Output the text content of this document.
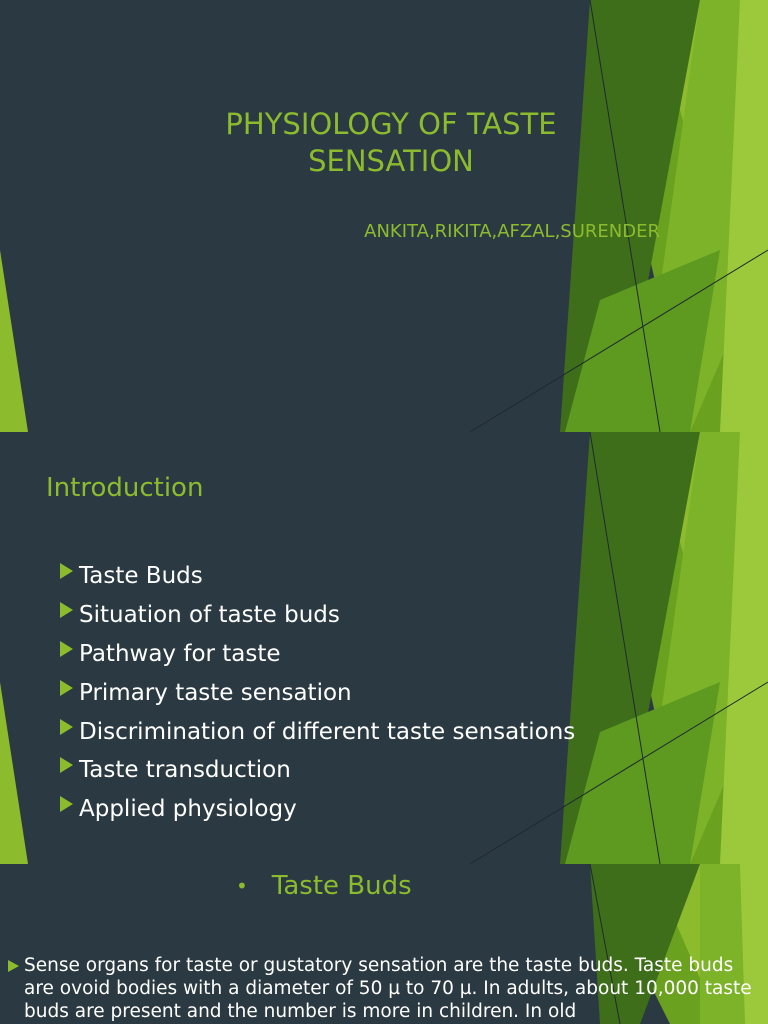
PHYSIOLOGY OF TASTE
SENSATION
ANKITA,RIKITA,AFZAL,SURENDER
Introduction
Taste Buds
Situation of taste buds
Pathway for taste
Primary taste sensation
Discrimination of different taste sensations
Taste transduction
Applied physiology
• Taste Buds
Sense organs for taste or gustatory sensation are the taste buds. Taste buds are ovoid bodies with a diameter of 50 µ to 70 µ. In adults, about 10,000 taste buds are present and the number is more in children. In old
